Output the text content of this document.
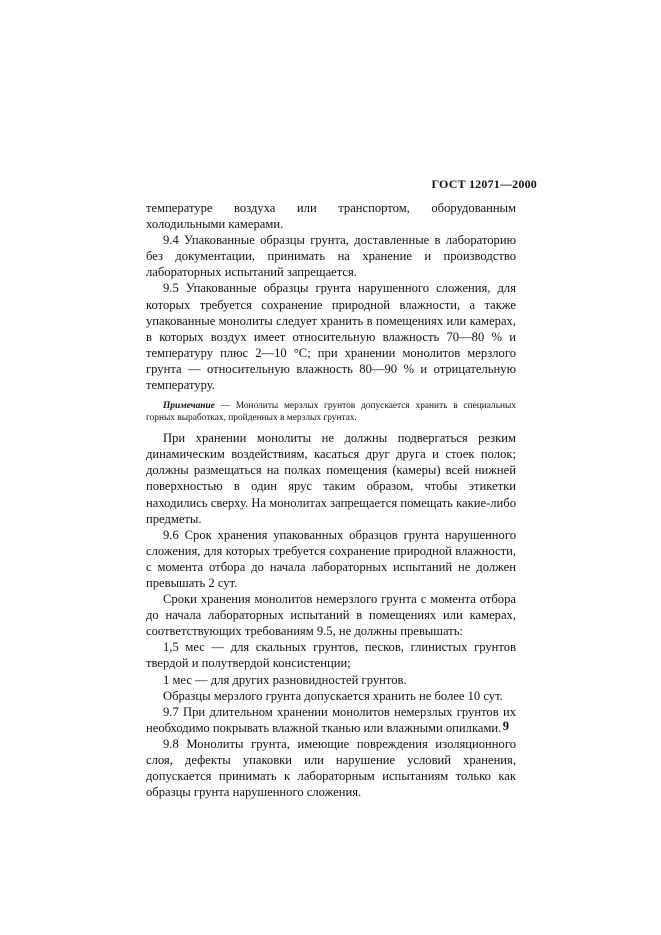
ГОСТ 12071—2000

температуре воздуха или транспортом, оборудованным холодильными камерами.

9.4 Упакованные образцы грунта, доставленные в лабораторию без документации, принимать на хранение и производство лабораторных испытаний запрещается.

9.5 Упакованные образцы грунта нарушенного сложения, для которых требуется сохранение природной влажности, а также упакованные монолиты следует хранить в помещениях или камерах, в которых воздух имеет относительную влажность 70—80 % и температуру плюс 2—10 °С; при хранении монолитов мерзлого грунта — относительную влажность 80—90 % и отрицательную температуру.

Примечание — Монолиты мерзлых грунтов допускается хранить в специальных горных выработках, пройденных в мерзлых грунтах.

При хранении монолиты не должны подвергаться резким динамическим воздействиям, касаться друг друга и стоек полок; должны размещаться на полках помещения (камеры) всей нижней поверхностью в один ярус таким образом, чтобы этикетки находились сверху. На монолитах запрещается помещать какие-либо предметы.

9.6 Срок хранения упакованных образцов грунта нарушенного сложения, для которых требуется сохранение природной влажности, с момента отбора до начала лабораторных испытаний не должен превышать 2 сут.

Сроки хранения монолитов немерзлого грунта с момента отбора до начала лабораторных испытаний в помещениях или камерах, соответствующих требованиям 9.5, не должны превышать:

1,5 мес — для скальных грунтов, песков, глинистых грунтов твердой и полутвердой консистенции;

1 мес — для других разновидностей грунтов.

Образцы мерзлого грунта допускается хранить не более 10 сут.

9.7 При длительном хранении монолитов немерзлых грунтов их необходимо покрывать влажной тканью или влажными опилками.

9.8 Монолиты грунта, имеющие повреждения изоляционного слоя, дефекты упаковки или нарушение условий хранения, допускается принимать к лабораторным испытаниям только как образцы грунта нарушенного сложения.

9
